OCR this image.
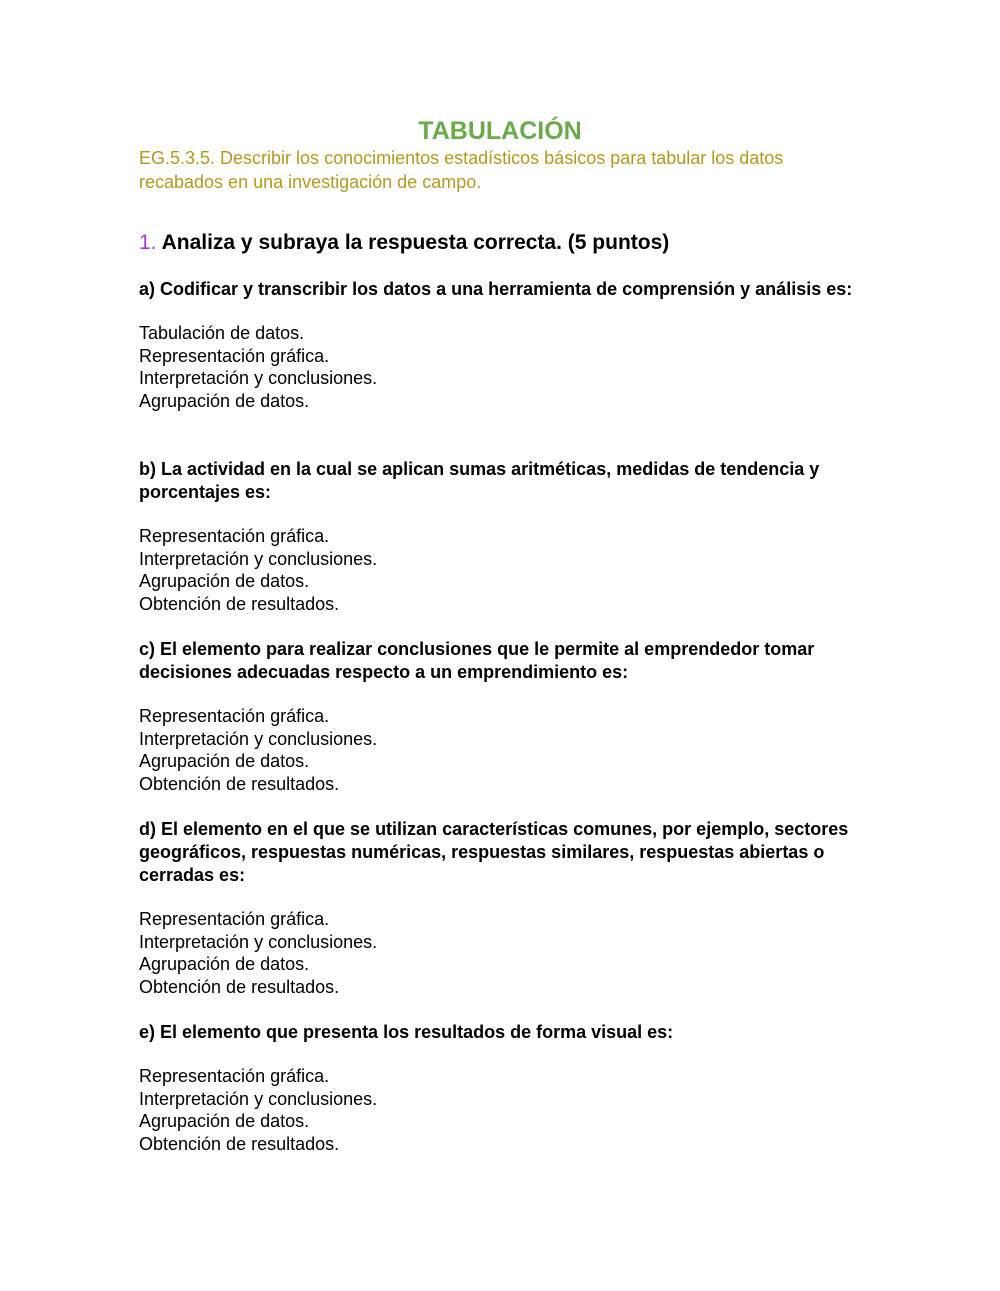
TABULACIÓN

EG.5.3.5. Describir los conocimientos estadísticos básicos para tabular los datos recabados en una investigación de campo.

1. Analiza y subraya la respuesta correcta. (5 puntos)

a) Codificar y transcribir los datos a una herramienta de comprensión y análisis es:

Tabulación de datos.
Representación gráfica.
Interpretación y conclusiones.
Agrupación de datos.

b) La actividad en la cual se aplican sumas aritméticas, medidas de tendencia y porcentajes es:

Representación gráfica.
Interpretación y conclusiones.
Agrupación de datos.
Obtención de resultados.

c) El elemento para realizar conclusiones que le permite al emprendedor tomar decisiones adecuadas respecto a un emprendimiento es:

Representación gráfica.
Interpretación y conclusiones.
Agrupación de datos.
Obtención de resultados.

d) El elemento en el que se utilizan características comunes, por ejemplo, sectores geográficos, respuestas numéricas, respuestas similares, respuestas abiertas o cerradas es:

Representación gráfica.
Interpretación y conclusiones.
Agrupación de datos.
Obtención de resultados.

e) El elemento que presenta los resultados de forma visual es:

Representación gráfica.
Interpretación y conclusiones.
Agrupación de datos.
Obtención de resultados.
